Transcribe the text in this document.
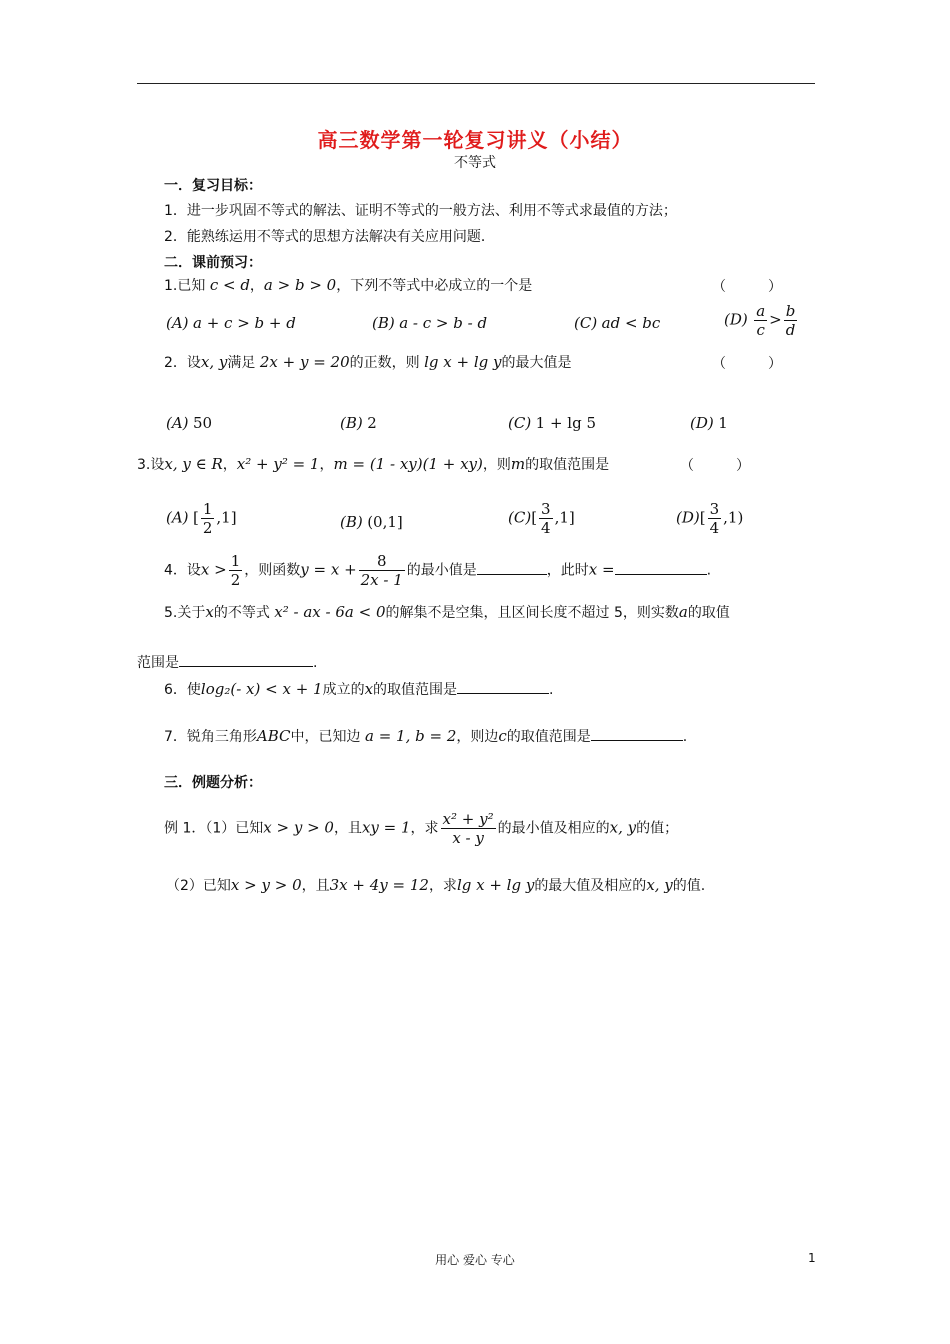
高三数学第一轮复习讲义（小结）
不等式
一．复习目标：
1．进一步巩固不等式的解法、证明不等式的一般方法、利用不等式求最值的方法；
2．能熟练运用不等式的思想方法解决有关应用问题．
二．课前预习：
1.已知 c < d，a > b > 0，下列不等式中必成立的一个是	（　　　）
(A) a + c > b + d	(B) a - c > b - d	(C) ad < bc	$(D) \frac{a}{c} > \frac{b}{d}$
2．设x, y满足 2x + y = 20的正数，则 lg x + lg y的最大值是	（　　　）
(A) 50	(B) 2	(C) 1 + lg 5	(D) 1
3.设x, y ∈ R，x² + y² = 1，m = (1 - xy)(1 + xy)，则m的取值范围是	（　　　）
(A) [ $\frac{1}{2} ,1$]	(B) (0,1]	$(C)[ \frac{3}{4} ,1]$	$(D)[ \frac{3}{4} ,1)$
4．设$x > \frac{1}{2}$ ，则函数$y = x + \frac{8}{2x - 1}$ 的最小值是	，此时x =	.
5.关于x的不等式 x² - ax - 6a < 0的解集不是空集，且区间长度不超过 5，则实数a的取值
范围是	.
6．使log₂(- x) < x + 1成立的x的取值范围是	.
7．锐角三角形ABC中，已知边 a = 1, b = 2，则边c的取值范围是	.
三．例题分析：
例 1．（1）已知x > y > 0，且xy = 1，求 $\frac{\text{x² + y²}}{x - y}$ 的最小值及相应的x, y的值；
（2）已知x > y > 0，且3x + 4y = 12，求lg x + lg y的最大值及相应的x, y的值.
用心 爱心 专心	1
